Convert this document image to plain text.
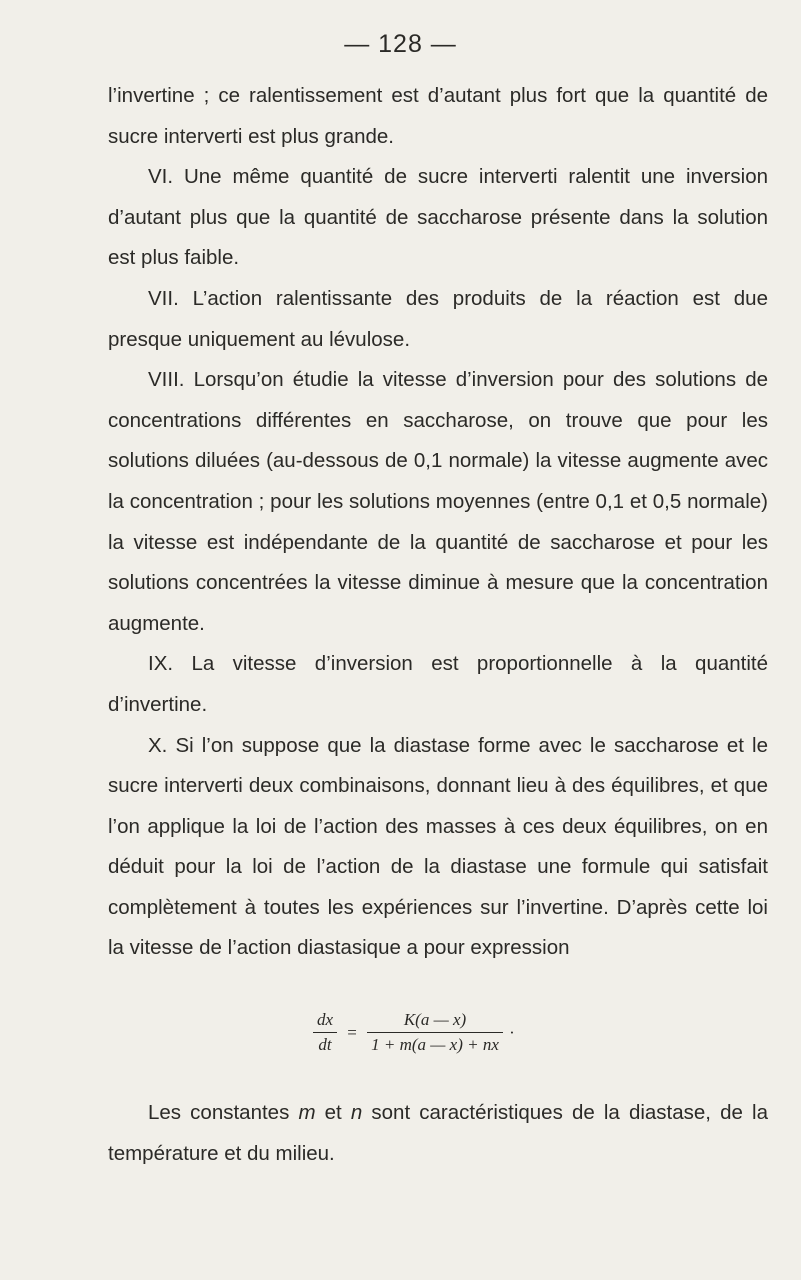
— 128 —

l’invertine ; ce ralentissement est d’autant plus fort que la quantité de sucre interverti est plus grande.

VI. Une même quantité de sucre interverti ralentit une inversion d’autant plus que la quantité de saccharose présente dans la solution est plus faible.

VII. L’action ralentissante des produits de la réaction est due presque uniquement au lévulose.

VIII. Lorsqu’on étudie la vitesse d’inversion pour des solutions de concentrations différentes en saccharose, on trouve que pour les solutions diluées (au-dessous de 0,1 normale) la vitesse augmente avec la concentration ; pour les solutions moyennes (entre 0,1 et 0,5 normale) la vitesse est indépendante de la quantité de saccharose et pour les solutions concentrées la vitesse diminue à mesure que la concentration augmente.

IX. La vitesse d’inversion est proportionnelle à la quantité d’invertine.

X. Si l’on suppose que la diastase forme avec le saccharose et le sucre interverti deux combinaisons, donnant lieu à des équilibres, et que l’on applique la loi de l’action des masses à ces deux équilibres, on en déduit pour la loi de l’action de la diastase une formule qui satisfait complètement à toutes les expériences sur l’invertine. D’après cette loi la vitesse de l’action diastasique a pour expression

$\frac{dx}{dt} = \frac{K(a — x)}{1 + m(a — x) + nx}$ ·

Les constantes m et n sont caractéristiques de la diastase, de la température et du milieu.
